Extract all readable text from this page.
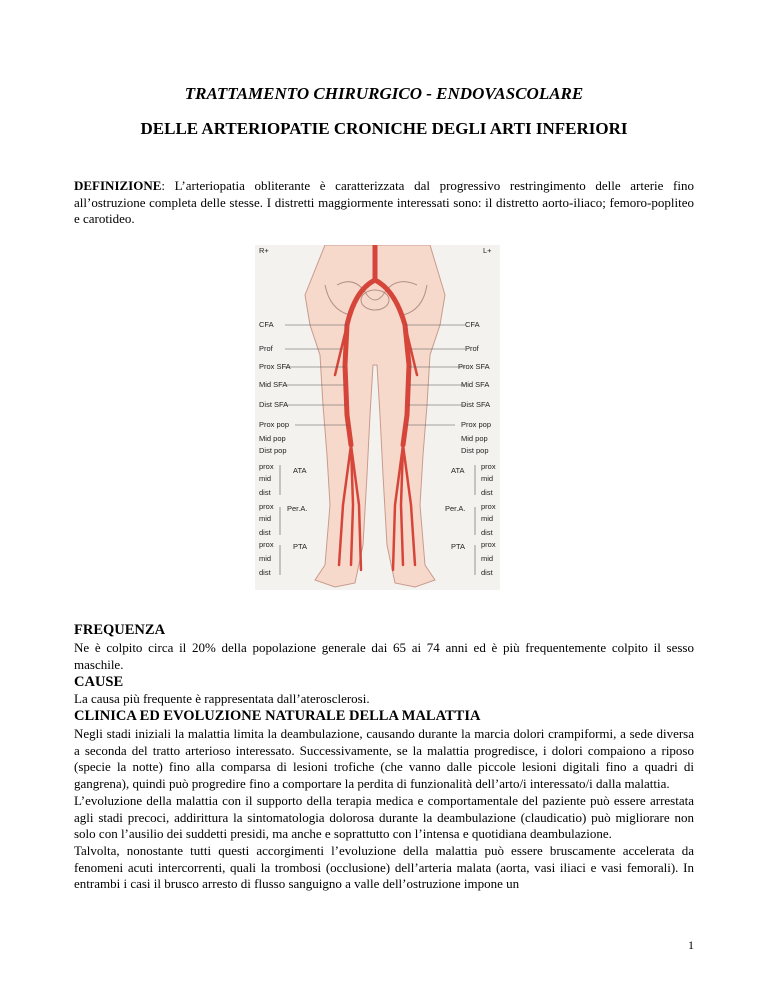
TRATTAMENTO CHIRURGICO - ENDOVASCOLARE
DELLE ARTERIOPATIE CRONICHE DEGLI ARTI INFERIORI

DEFINIZIONE: L’arteriopatia obliterante è caratterizzata dal progressivo restringimento delle arterie fino all’ostruzione completa delle stesse. I distretti maggiormente interessati sono: il distretto aorto-iliaco; femoro-popliteo e carotideo.

R+	L+
CFA
Prof
Prox SFA
Mid SFA
Dist SFA
Prox pop
Mid pop
Dist pop
prox
mid
dist
prox
mid
dist
prox
mid
dist
ATA
Per.A.
PTA
CFA
Prof
Prox SFA
Mid SFA
Dist SFA
Prox pop
Mid pop
Dist pop
prox
mid
dist
prox
mid
dist
prox
mid
dist
ATA
Per.A.
PTA
FREQUENZA

Ne è colpito circa il 20% della popolazione generale dai 65 ai 74 anni ed è più frequentemente colpito il sesso maschile.

CAUSE

La causa più frequente è rappresentata dall’aterosclerosi.

CLINICA ED EVOLUZIONE NATURALE DELLA MALATTIA
Negli stadi iniziali la malattia limita la deambulazione, causando durante la marcia dolori crampiformi, a sede diversa a seconda del tratto arterioso interessato. Successivamente, se la malattia progredisce, i dolori compaiono a riposo (specie la notte) fino alla comparsa di lesioni trofiche (che vanno dalle piccole lesioni digitali fino a quadri di gangrena), quindi può progredire fino a comportare la perdita di funzionalità dell’arto/i interessato/i dalla malattia.
L’evoluzione della malattia con il supporto della terapia medica e comportamentale del paziente può essere arrestata agli stadi precoci, addirittura la sintomatologia dolorosa durante la deambulazione (claudicatio) può migliorare non solo con l’ausilio dei suddetti presidi, ma anche e soprattutto con l’intensa e quotidiana deambulazione.
Talvolta, nonostante tutti questi accorgimenti l’evoluzione della malattia può essere bruscamente accelerata da fenomeni acuti intercorrenti, quali la trombosi (occlusione) dell’arteria malata (aorta, vasi iliaci e vasi femorali). In entrambi i casi il brusco arresto di flusso sanguigno a valle dell’ostruzione impone un
1
